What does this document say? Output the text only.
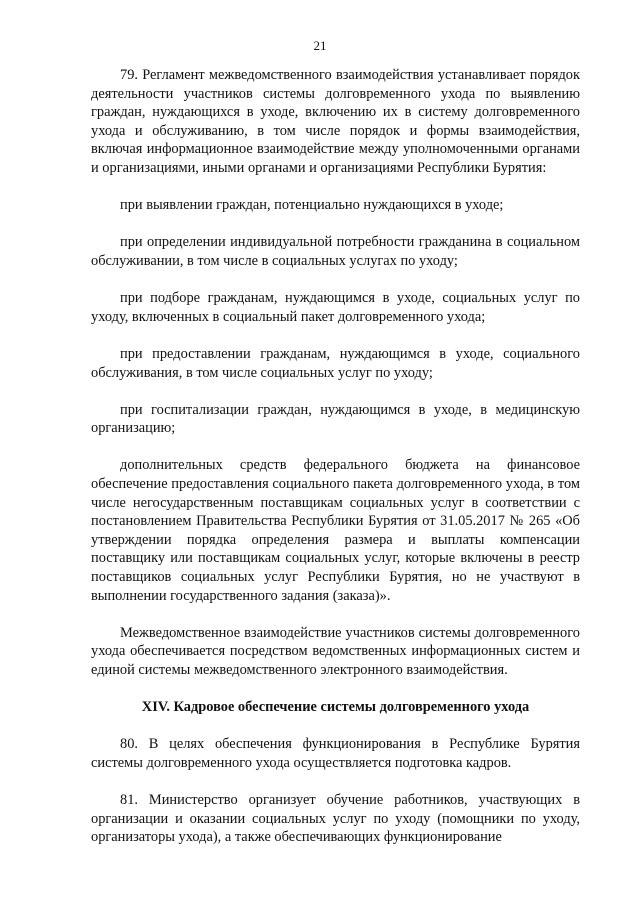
21

79. Регламент межведомственного взаимодействия устанавливает порядок деятельности участников системы долговременного ухода по выявлению граждан, нуждающихся в уходе, включению их в систему долговременного ухода и обслуживанию, в том числе порядок и формы взаимодействия, включая информационное взаимодействие между уполномоченными органами и организациями, иными органами и организациями Республики Бурятия:

при выявлении граждан, потенциально нуждающихся в уходе;

при определении индивидуальной потребности гражданина в социальном обслуживании, в том числе в социальных услугах по уходу;

при подборе гражданам, нуждающимся в уходе, социальных услуг по уходу, включенных в социальный пакет долговременного ухода;

при предоставлении гражданам, нуждающимся в уходе, социального обслуживания, в том числе социальных услуг по уходу;

при госпитализации граждан, нуждающимся в уходе, в медицинскую организацию;

дополнительных средств федерального бюджета на финансовое обеспечение предоставления социального пакета долговременного ухода, в том числе негосударственным поставщикам социальных услуг в соответствии с постановлением Правительства Республики Бурятия от 31.05.2017 № 265 «Об утверждении порядка определения размера и выплаты компенсации поставщику или поставщикам социальных услуг, которые включены в реестр поставщиков социальных услуг Республики Бурятия, но не участвуют в выполнении государственного задания (заказа)».

Межведомственное взаимодействие участников системы долговременного ухода обеспечивается посредством ведомственных информационных систем и единой системы межведомственного электронного взаимодействия.

XIV. Кадровое обеспечение системы долговременного ухода

80. В целях обеспечения функционирования в Республике Бурятия системы долговременного ухода осуществляется подготовка кадров.

81. Министерство организует обучение работников, участвующих в организации и оказании социальных услуг по уходу (помощники по уходу, организаторы ухода), а также обеспечивающих функционирование
